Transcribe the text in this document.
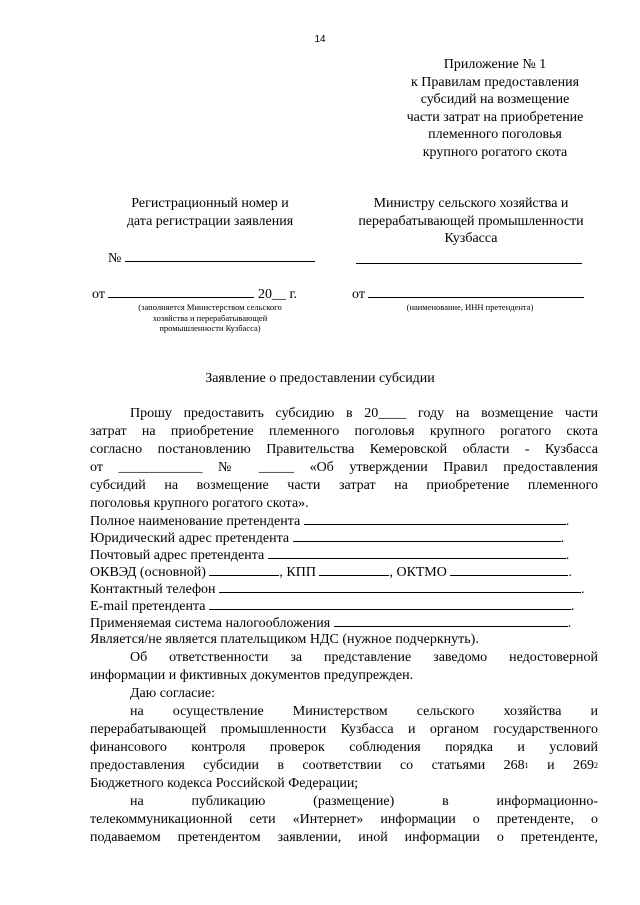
14
Приложение № 1
к Правилам предоставления
субсидий на возмещение
части затрат на приобретение
племенного поголовья
крупного рогатого скота
Регистрационный номер и
дата регистрации заявления
№
от	20__ г.
(заполняется Министерством сельского
хозяйства и перерабатывающей
промышленности Кузбасса)
Министру сельского хозяйства и
перерабатывающей промышленности
Кузбасса
от
(наименование, ИНН претендента)
Заявление о предоставлении субсидии
Прошу предоставить субсидию в 20____ году на возмещение части
затрат на приобретение племенного поголовья крупного рогатого скота
согласно постановлению Правительства Кемеровской области - Кузбасса
от ____________ № _____ «Об утверждении Правил предоставления
субсидий на возмещение части затрат на приобретение племенного
поголовья крупного рогатого скота».
Полное наименование претендента	.
Юридический адрес претендента	.
Почтовый адрес претендента	.
ОКВЭД (основной)	, КПП	, ОКТМО	.
Контактный телефон	.
E-mail претендента	.
Применяемая система налогообложения	.
Является/не является плательщиком НДС (нужное подчеркнуть).
Об ответственности за представление заведомо недостоверной
информации и фиктивных документов предупрежден.
Даю согласие:
на осуществление Министерством сельского хозяйства и
перерабатывающей промышленности Кузбасса и органом государственного
финансового контроля проверок соблюдения порядка и условий
предоставления субсидии в соответствии со статьями $268^1$ и $269^2$
Бюджетного кодекса Российской Федерации;
на публикацию (размещение) в информационно-
телекоммуникационной сети «Интернет» информации о претенденте, о
подаваемом претендентом заявлении, иной информации о претенденте,
